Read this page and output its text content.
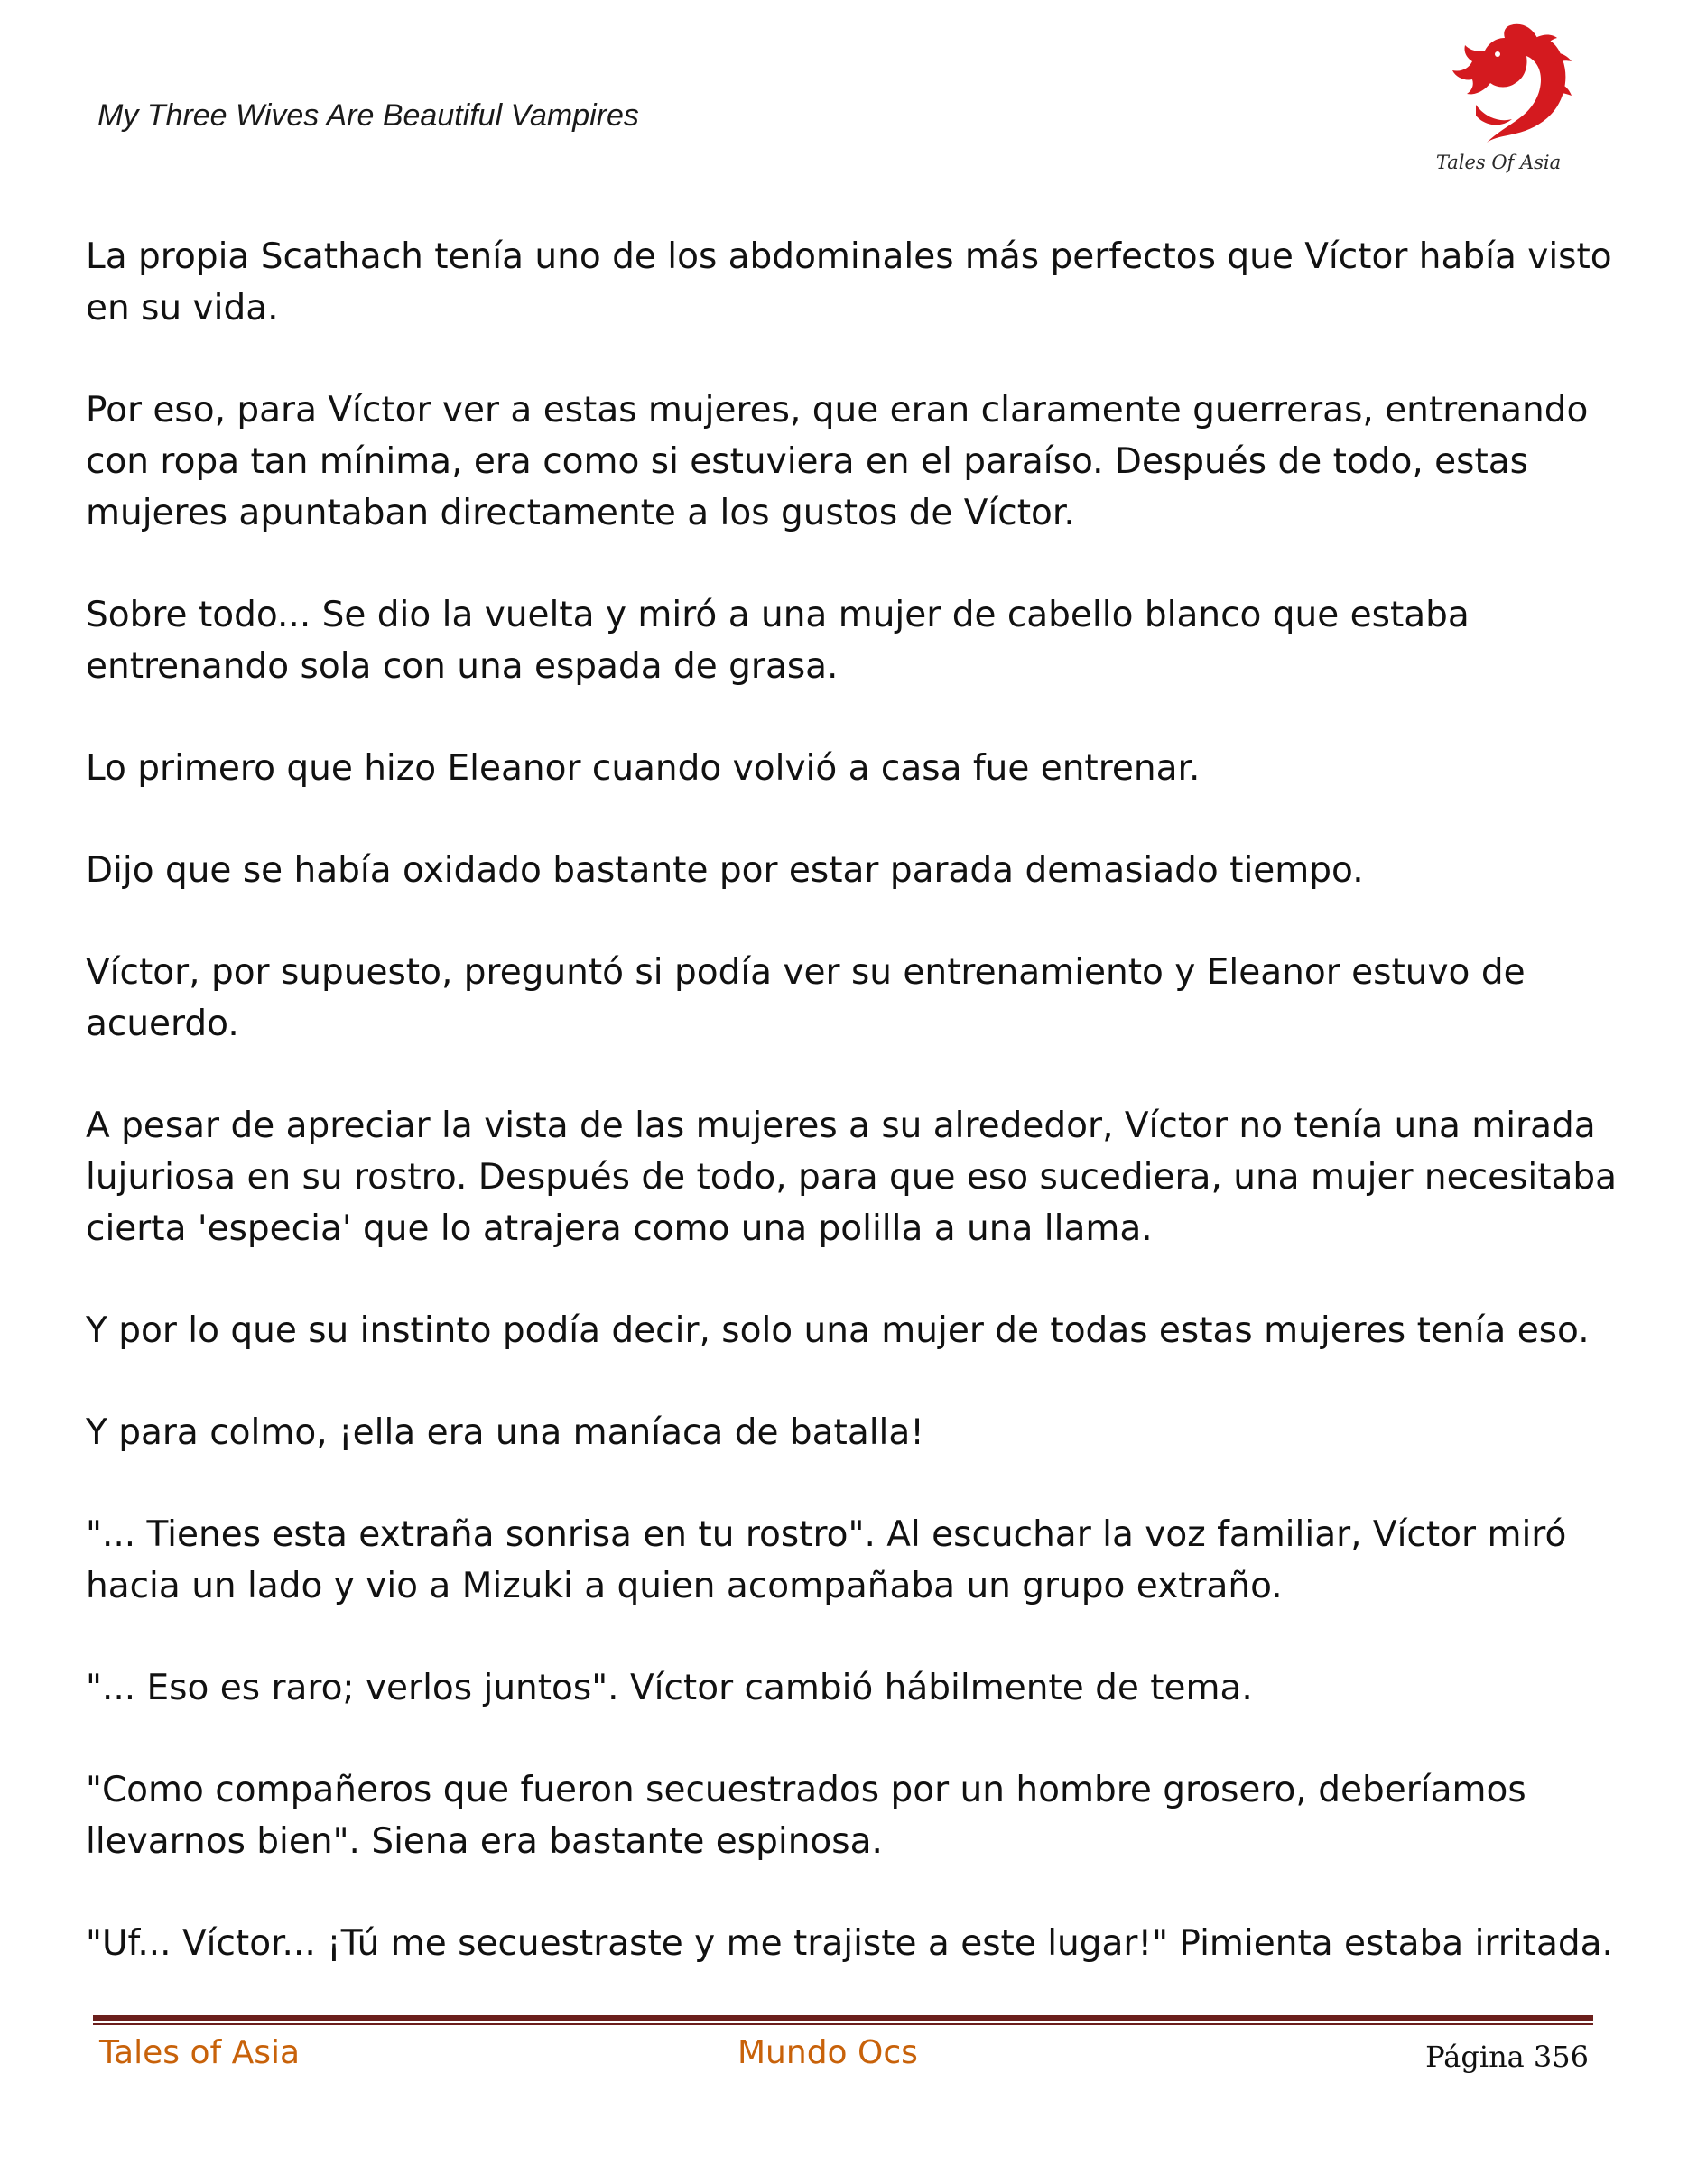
My Three Wives Are Beautiful Vampires
Tales Of Asia

La propia Scathach tenía uno de los abdominales más perfectos que Víctor había visto en su vida.

Por eso, para Víctor ver a estas mujeres, que eran claramente guerreras, entrenando con ropa tan mínima, era como si estuviera en el paraíso. Después de todo, estas mujeres apuntaban directamente a los gustos de Víctor.

Sobre todo... Se dio la vuelta y miró a una mujer de cabello blanco que estaba entrenando sola con una espada de grasa.

Lo primero que hizo Eleanor cuando volvió a casa fue entrenar.

Dijo que se había oxidado bastante por estar parada demasiado tiempo.

Víctor, por supuesto, preguntó si podía ver su entrenamiento y Eleanor estuvo de acuerdo.

A pesar de apreciar la vista de las mujeres a su alrededor, Víctor no tenía una mirada lujuriosa en su rostro. Después de todo, para que eso sucediera, una mujer necesitaba cierta 'especia' que lo atrajera como una polilla a una llama.

Y por lo que su instinto podía decir, solo una mujer de todas estas mujeres tenía eso.

Y para colmo, ¡ella era una maníaca de batalla!

"... Tienes esta extraña sonrisa en tu rostro". Al escuchar la voz familiar, Víctor miró hacia un lado y vio a Mizuki a quien acompañaba un grupo extraño.

"... Eso es raro; verlos juntos". Víctor cambió hábilmente de tema.

"Como compañeros que fueron secuestrados por un hombre grosero, deberíamos llevarnos bien". Siena era bastante espinosa.

"Uf... Víctor... ¡Tú me secuestraste y me trajiste a este lugar!" Pimienta estaba irritada.

Tales of Asia	Mundo Ocs	Página 356
